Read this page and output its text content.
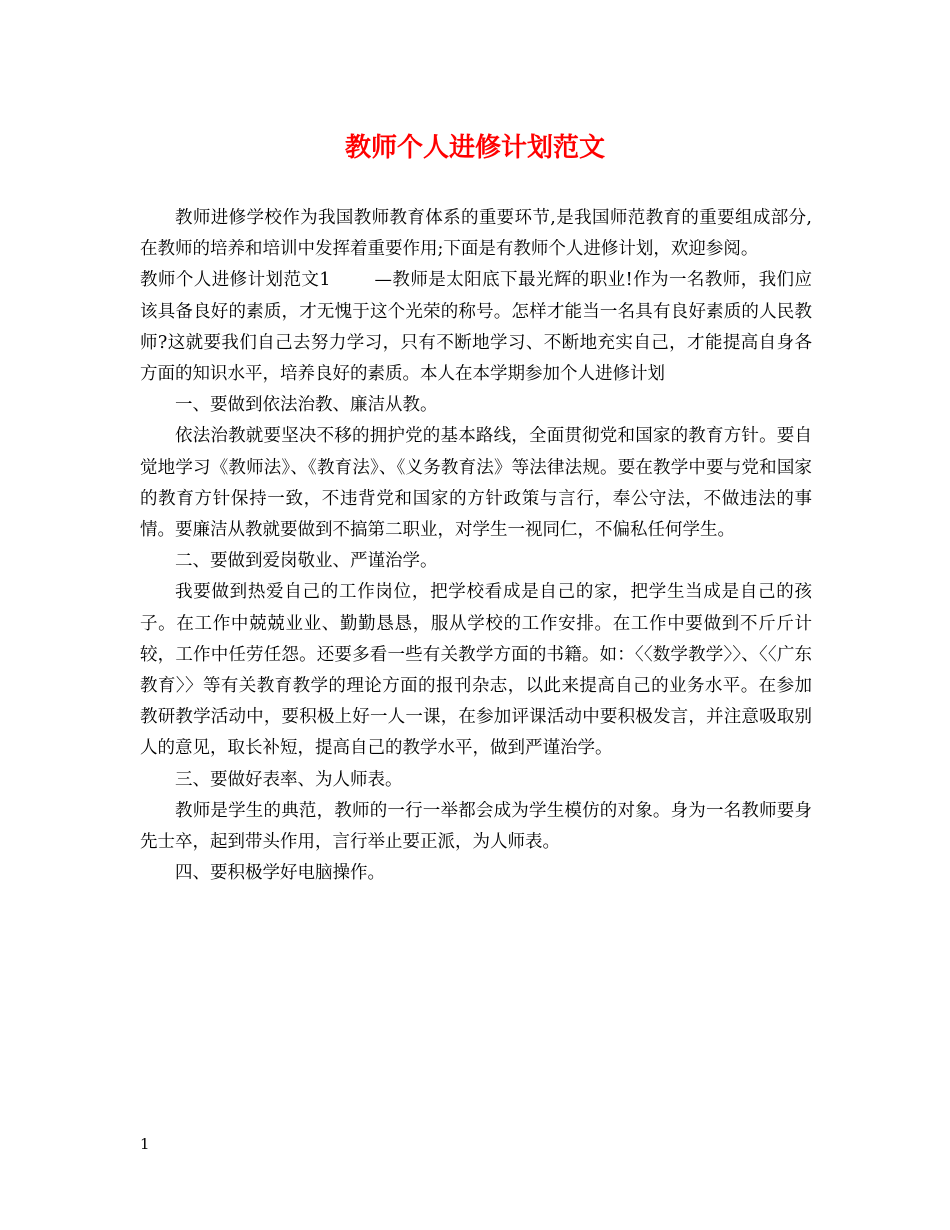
教师个人进修计划范文

教师进修学校作为我国教师教育体系的重要环节,是我国师范教育的重要组成部分,在教师的培养和培训中发挥着重要作用;下面是有教师个人进修计划，欢迎参阅。

教师个人进修计划范文1	—教师是太阳底下最光辉的职业!作为一名教师，我们应该具备良好的素质，才无愧于这个光荣的称号。怎样才能当一名具有良好素质的人民教师?这就要我们自己去努力学习，只有不断地学习、不断地充实自己，才能提高自身各方面的知识水平，培养良好的素质。本人在本学期参加个人进修计划

一、要做到依法治教、廉洁从教。

依法治教就要坚决不移的拥护党的基本路线，全面贯彻党和国家的教育方针。要自觉地学习《教师法》、《教育法》、《义务教育法》等法律法规。要在教学中要与党和国家的教育方针保持一致，不违背党和国家的方针政策与言行，奉公守法，不做违法的事情。要廉洁从教就要做到不搞第二职业，对学生一视同仁，不偏私任何学生。

二、要做到爱岗敬业、严谨治学。

我要做到热爱自己的工作岗位，把学校看成是自己的家，把学生当成是自己的孩子。在工作中兢兢业业、勤勤恳恳，服从学校的工作安排。在工作中要做到不斤斤计较，工作中任劳任怨。还要多看一些有关教学方面的书籍。如：〈〈数学教学〉〉、〈〈广东教育〉〉等有关教育教学的理论方面的报刊杂志，以此来提高自己的业务水平。在参加教研教学活动中，要积极上好一人一课，在参加评课活动中要积极发言，并注意吸取别人的意见，取长补短，提高自己的教学水平，做到严谨治学。

三、要做好表率、为人师表。

教师是学生的典范，教师的一行一举都会成为学生模仿的对象。身为一名教师要身先士卒，起到带头作用，言行举止要正派，为人师表。

四、要积极学好电脑操作。

1
